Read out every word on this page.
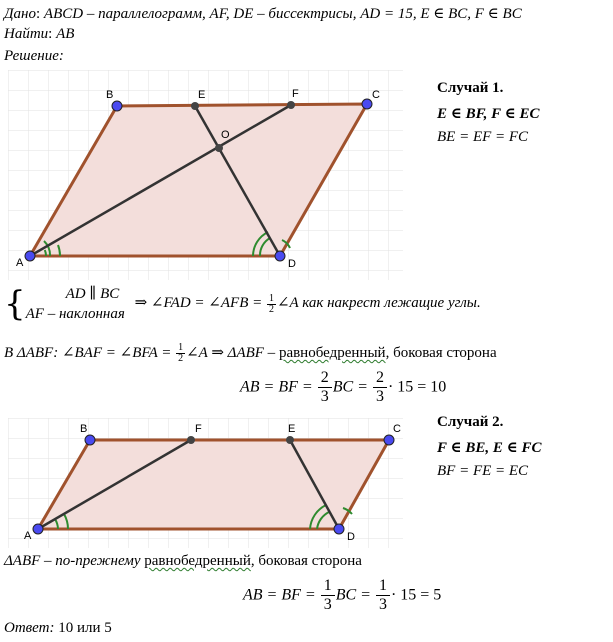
Дано: ABCD – параллелограмм, AF, DE – биссектрисы, AD = 15, E ∈ BC, F ∈ BC
Найти: AB
Решение:
A
B	C
D
E	F
O
Случай 1.
E ∈ BF, F ∈ EC
BE = EF = FC
{	AD ∥ BC
AF – наклонная
⇒ ∠FAD = ∠AFB = $\frac{1}{2}$ ∠A как накрест лежащие углы.
В ΔABF: ∠BAF = ∠BFA = $\frac{1}{2}$ ∠A ⇒ ΔABF – равнобедренный, боковая сторона
AB = BF = $\frac{2}{3}$ BC = $\frac{2}{3} \cdot 15 = 10$
A
B	C
D
F	E	Случай 2.
F ∈ BE, E ∈ FC
BF = FE = EC
ΔABF – по-прежнему равнобедренный, боковая сторона
AB = BF = $\frac{1}{3}$ BC = $\frac{1}{3} \cdot 15 = 5$
Ответ: 10 или 5
